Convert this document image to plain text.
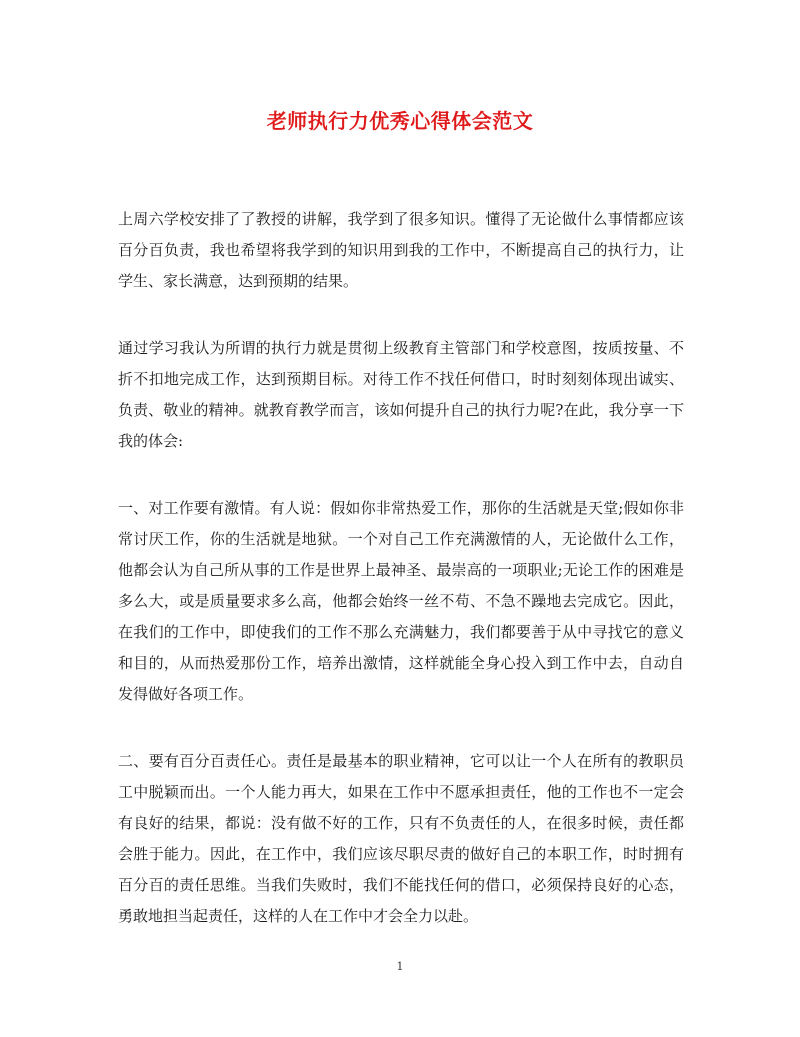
老师执行力优秀心得体会范文

上周六学校安排了了教授的讲解，我学到了很多知识。懂得了无论做什么事情都应该百分百负责，我也希望将我学到的知识用到我的工作中，不断提高自己的执行力，让学生、家长满意，达到预期的结果。

通过学习我认为所谓的执行力就是贯彻上级教育主管部门和学校意图，按质按量、不折不扣地完成工作，达到预期目标。对待工作不找任何借口，时时刻刻体现出诚实、负责、敬业的精神。就教育教学而言，该如何提升自己的执行力呢?在此，我分享一下我的体会:

一、对工作要有激情。有人说：假如你非常热爱工作，那你的生活就是天堂;假如你非常讨厌工作，你的生活就是地狱。一个对自己工作充满激情的人，无论做什么工作，他都会认为自己所从事的工作是世界上最神圣、最崇高的一项职业;无论工作的困难是多么大，或是质量要求多么高，他都会始终一丝不苟、不急不躁地去完成它。因此，在我们的工作中，即使我们的工作不那么充满魅力，我们都要善于从中寻找它的意义和目的，从而热爱那份工作，培养出激情，这样就能全身心投入到工作中去，自动自发得做好各项工作。

二、要有百分百责任心。责任是最基本的职业精神，它可以让一个人在所有的教职员工中脱颖而出。一个人能力再大，如果在工作中不愿承担责任，他的工作也不一定会有良好的结果，都说：没有做不好的工作，只有不负责任的人，在很多时候，责任都会胜于能力。因此，在工作中，我们应该尽职尽责的做好自己的本职工作，时时拥有百分百的责任思维。当我们失败时，我们不能找任何的借口，必须保持良好的心态，勇敢地担当起责任，这样的人在工作中才会全力以赴。

1
